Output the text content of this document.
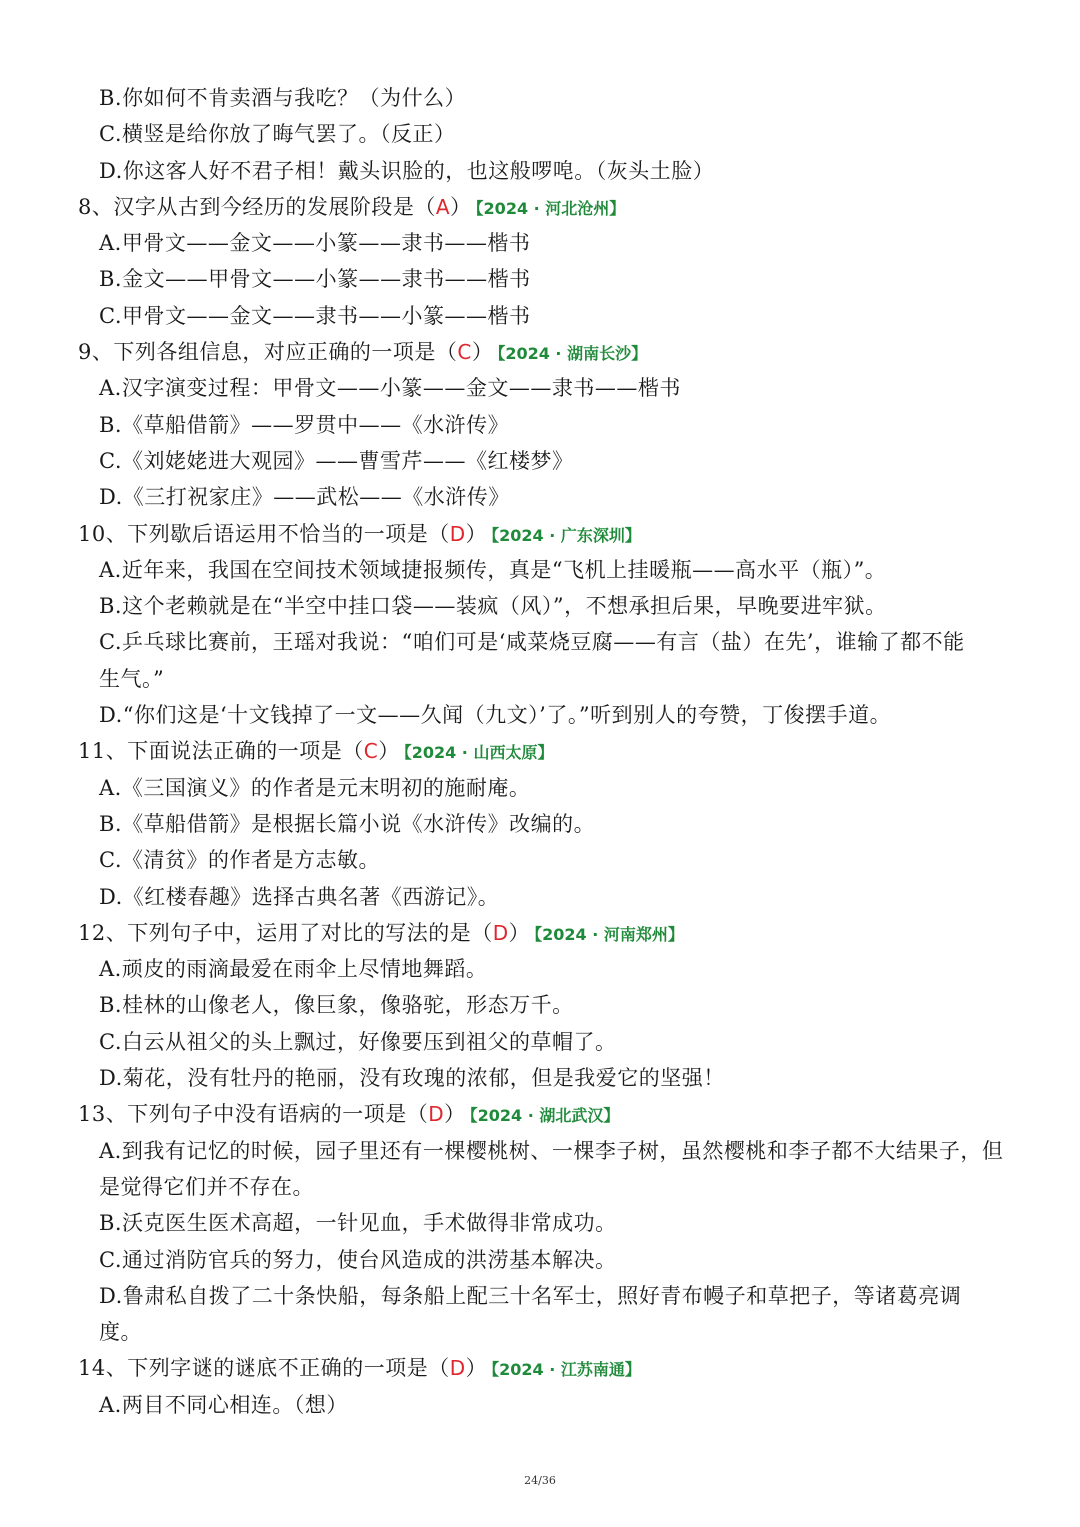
B.你如何不肯卖酒与我吃？（为什么）
C.横竖是给你放了晦气罢了。（反正）
D.你这客人好不君子相！戴头识脸的，也这般啰唣。（灰头土脸）
8、汉字从古到今经历的发展阶段是（A） 【2024 · 河北沧州】
A.甲骨文——金文——小篆——隶书——楷书
B.金文——甲骨文——小篆——隶书——楷书
C.甲骨文——金文——隶书——小篆——楷书
9、下列各组信息，对应正确的一项是（C） 【2024 · 湖南长沙】
A.汉字演变过程：甲骨文——小篆——金文——隶书——楷书
B.《草船借箭》——罗贯中——《水浒传》
C.《刘姥姥进大观园》——曹雪芹——《红楼梦》
D.《三打祝家庄》——武松——《水浒传》
10、下列歇后语运用不恰当的一项是（D） 【2024 · 广东深圳】
A.近年来，我国在空间技术领域捷报频传，真是“飞机上挂暖瓶——高水平（瓶）”。
B.这个老赖就是在“半空中挂口袋——装疯（风）”，不想承担后果，早晚要进牢狱。
C.乒乓球比赛前，王瑶对我说：“咱们可是‘咸菜烧豆腐——有言（盐）在先’，谁输了都不能
生气。”
D.“你们这是‘十文钱掉了一文——久闻（九文）’了。”听到别人的夸赞，丁俊摆手道。
11、下面说法正确的一项是（C） 【2024 · 山西太原】
A.《三国演义》的作者是元末明初的施耐庵。
B.《草船借箭》是根据长篇小说《水浒传》改编的。
C.《清贫》的作者是方志敏。
D.《红楼春趣》选择古典名著《西游记》。
12、下列句子中，运用了对比的写法的是（D） 【2024 · 河南郑州】
A.顽皮的雨滴最爱在雨伞上尽情地舞蹈。
B.桂林的山像老人，像巨象，像骆驼，形态万千。
C.白云从祖父的头上飘过，好像要压到祖父的草帽了。
D.菊花，没有牡丹的艳丽，没有玫瑰的浓郁，但是我爱它的坚强！
13、下列句子中没有语病的一项是（D） 【2024 · 湖北武汉】
A.到我有记忆的时候，园子里还有一棵樱桃树、一棵李子树，虽然樱桃和李子都不大结果子，但
是觉得它们并不存在。
B.沃克医生医术高超，一针见血，手术做得非常成功。
C.通过消防官兵的努力，使台风造成的洪涝基本解决。
D.鲁肃私自拨了二十条快船，每条船上配三十名军士，照好青布幔子和草把子，等诸葛亮调
度。
14、下列字谜的谜底不正确的一项是（D） 【2024 · 江苏南通】
A.两目不同心相连。（想）
24/36
